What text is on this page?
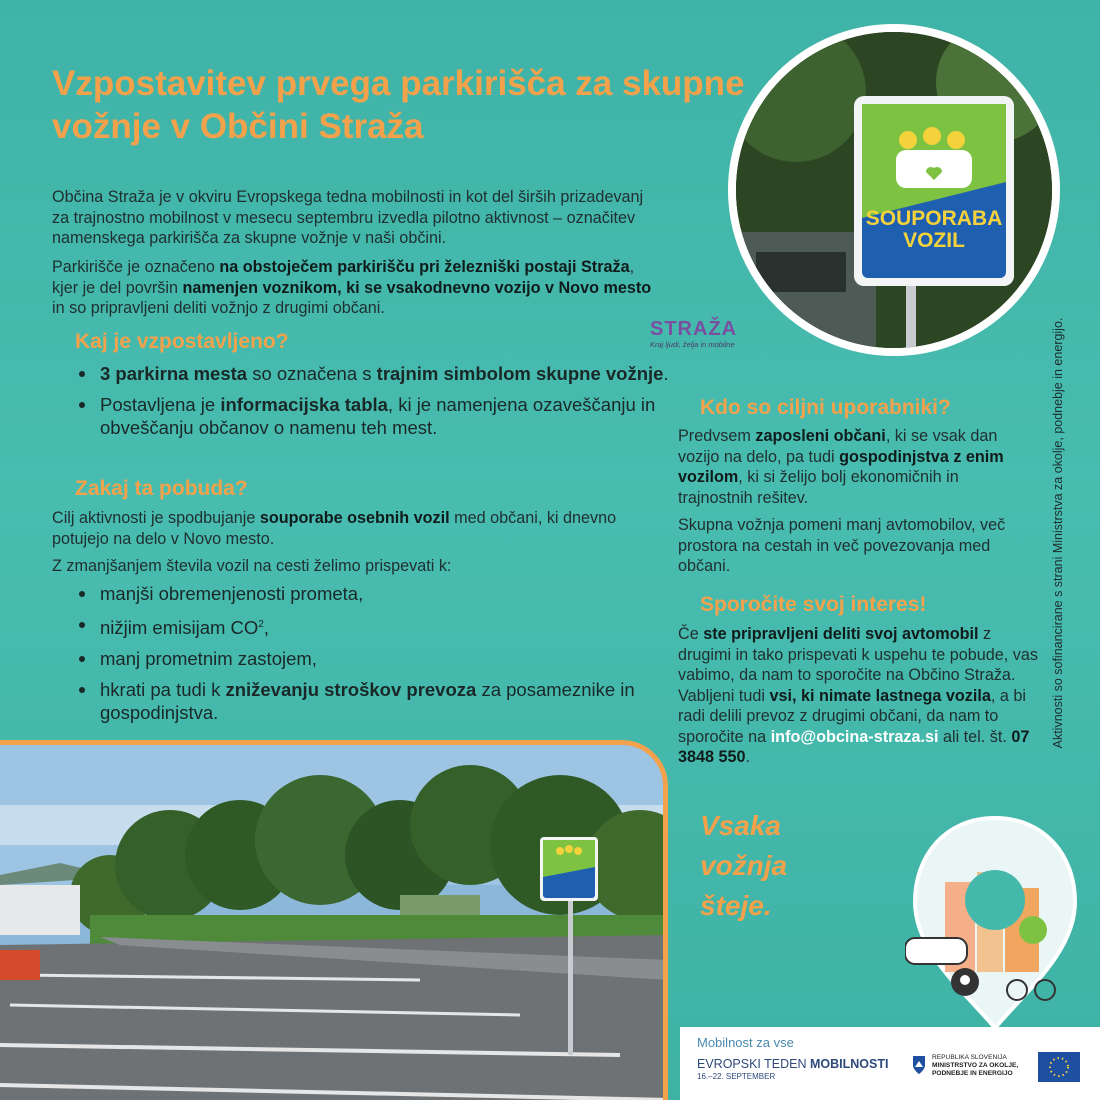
Vzpostavitev prvega parkirišča za skupne vožnje v Občini Straža

Občina Straža je v okviru Evropskega tedna mobilnosti in kot del širših prizadevanj za trajnostno mobilnost v mesecu septembru izvedla pilotno aktivnost – označitev namenskega parkirišča za skupne vožnje v naši občini.

Parkirišče je označeno na obstoječem parkirišču pri železniški postaji Straža, kjer je del površin namenjen voznikom, ki se vsakodnevno vozijo v Novo mesto in so pripravljeni deliti vožnjo z drugimi občani.

STRAŽA
Kraj ljudi, želja in mobilne
Kaj je vzpostavljeno?
3 parkirna mesta so označena s trajnim simbolom skupne vožnje.
Postavljena je informacijska tabla, ki je namenjena ozaveščanju in obveščanju občanov o namenu teh mest.
Zakaj ta pobuda?

Cilj aktivnosti je spodbujanje souporabe osebnih vozil med občani, ki dnevno potujejo na delo v Novo mesto.

Z zmanjšanjem števila vozil na cesti želimo prispevati k:

manjši obremenjenosti prometa,
nižjim emisijam $CO^2$,
manj prometnim zastojem,
hkrati pa tudi k zniževanju stroškov prevoza za posameznike in gospodinjstva.
SOUPORABA
VOZIL
Kdo so ciljni uporabniki?

Predvsem zaposleni občani, ki se vsak dan vozijo na delo, pa tudi gospodinjstva z enim vozilom, ki si želijo bolj ekonomičnih in trajnostnih rešitev.

Skupna vožnja pomeni manj avtomobilov, več prostora na cestah in več povezovanja med občani.

Sporočite svoj interes!

Če ste pripravljeni deliti svoj avtomobil z drugimi in tako prispevati k uspehu te pobude, vas vabimo, da nam to sporočite na Občino Straža. Vabljeni tudi vsi, ki nimate lastnega vozila, a bi radi delili prevoz z drugimi občani, da nam to sporočite na info@obcina-straza.si ali tel. št. 07 3848 550.

Aktivnosti so sofinancirane s strani Ministrstva za okolje, podnebje in energijo.
Vsaka
vožnja
šteje.
Mobilnost za vse
EVROPSKI TEDEN MOBILNOSTI
16.–22. SEPTEMBER
REPUBLIKA SLOVENIJA
MINISTRSTVO ZA OKOLJE,
PODNEBJE IN ENERGIJO
